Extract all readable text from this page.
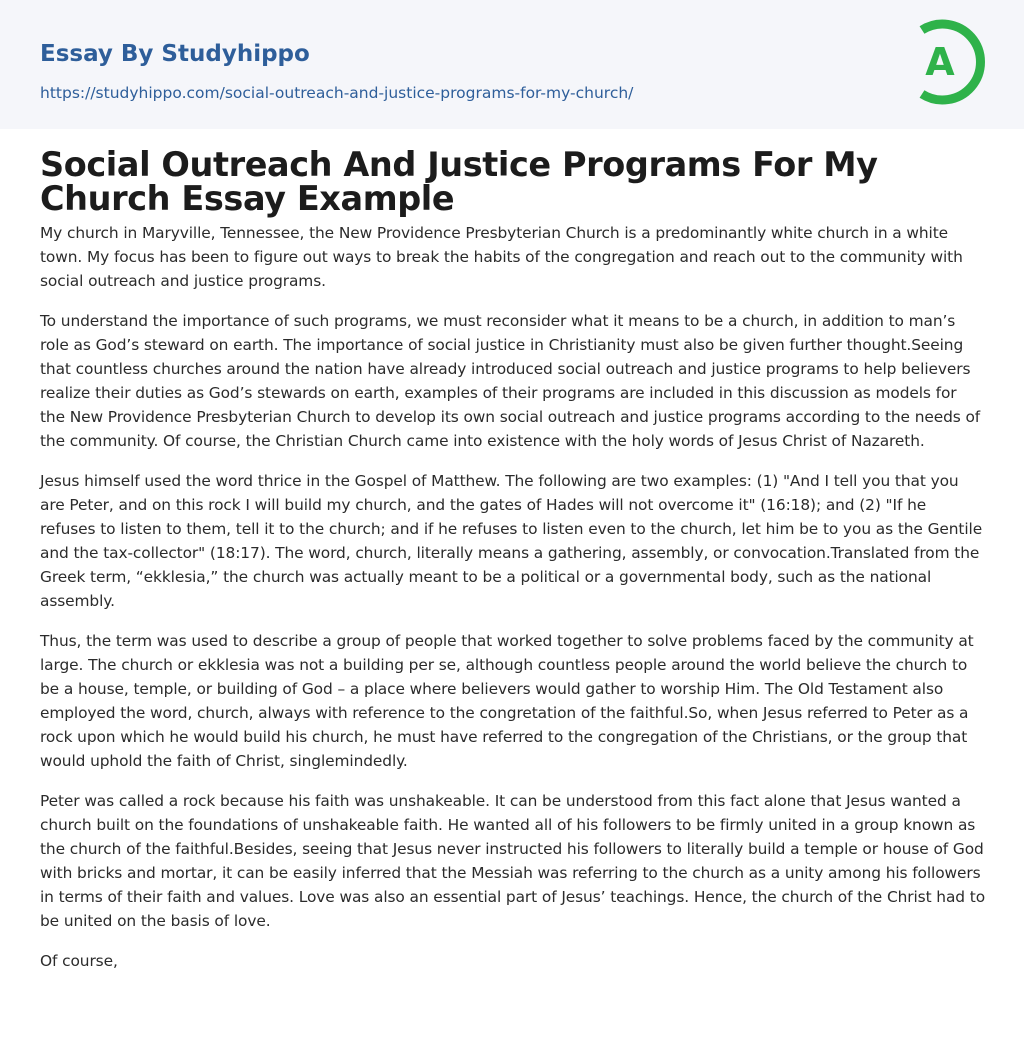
Essay By Studyhippo
https://studyhippo.com/social-outreach-and-justice-programs-for-my-church/
A
Social Outreach And Justice Programs For My Church Essay Example

My church in Maryville, Tennessee, the New Providence Presbyterian Church is a predominantly white church in a white town. My focus has been to figure out ways to break the habits of the congregation and reach out to the community with social outreach and justice programs.

To understand the importance of such programs, we must reconsider what it means to be a church, in addition to man’s role as God’s steward on earth. The importance of social justice in Christianity must also be given further thought.Seeing that countless churches around the nation have already introduced social outreach and justice programs to help believers realize their duties as God’s stewards on earth, examples of their programs are included in this discussion as models for the New Providence Presbyterian Church to develop its own social outreach and justice programs according to the needs of the community. Of course, the Christian Church came into existence with the holy words of Jesus Christ of Nazareth.

Jesus himself used the word thrice in the Gospel of Matthew. The following are two examples: (1) "And I tell you that you are Peter, and on this rock I will build my church, and the gates of Hades will not overcome it" (16:18); and (2) "If he refuses to listen to them, tell it to the church; and if he refuses to listen even to the church, let him be to you as the Gentile and the tax-collector" (18:17). The word, church, literally means a gathering, assembly, or convocation.Translated from the Greek term, “ekklesia,” the church was actually meant to be a political or a governmental body, such as the national assembly.

Thus, the term was used to describe a group of people that worked together to solve problems faced by the community at large. The church or ekklesia was not a building per se, although countless people around the world believe the church to be a house, temple, or building of God – a place where believers would gather to worship Him. The Old Testament also employed the word, church, always with reference to the congretation of the faithful.So, when Jesus referred to Peter as a rock upon which he would build his church, he must have referred to the congregation of the Christians, or the group that would uphold the faith of Christ, singlemindedly.

Peter was called a rock because his faith was unshakeable. It can be understood from this fact alone that Jesus wanted a church built on the foundations of unshakeable faith. He wanted all of his followers to be firmly united in a group known as the church of the faithful.Besides, seeing that Jesus never instructed his followers to literally build a temple or house of God with bricks and mortar, it can be easily inferred that the Messiah was referring to the church as a unity among his followers in terms of their faith and values. Love was also an essential part of Jesus’ teachings. Hence, the church of the Christ had to be united on the basis of love.

Of course,
